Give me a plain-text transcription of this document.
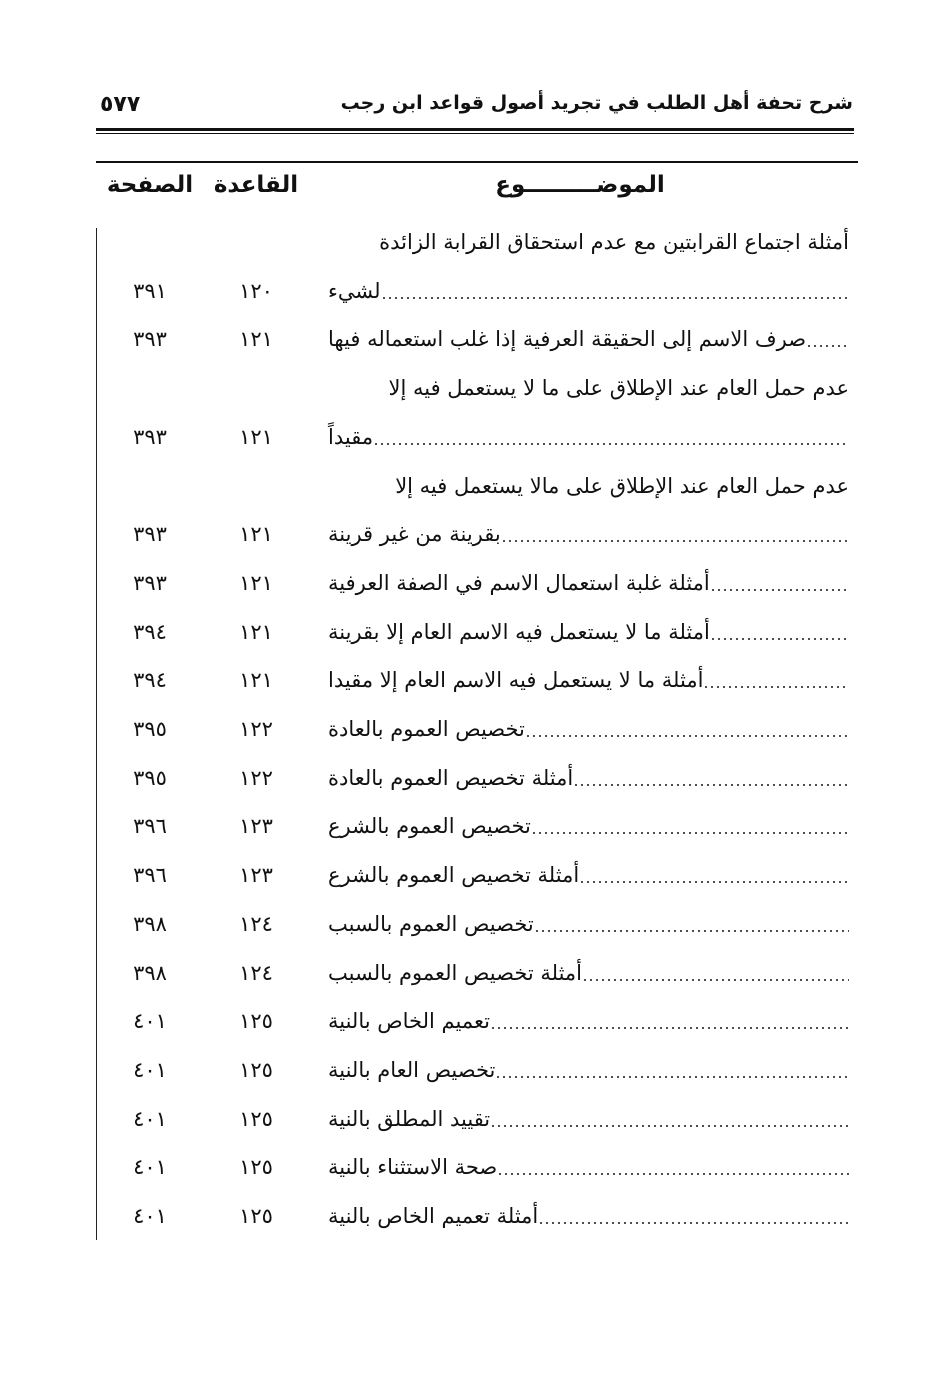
٥٧٧	شرح تحفة أهل الطلب في تجريد أصول قواعد ابن رجب
الصفحة القاعدة	الموضـــــــــوع
أمثلة اجتماع القرابتين مع عدم استحقاق القرابة الزائدة
لشيء
١٢٠
٣٩١
صرف الاسم إلى الحقيقة العرفية إذا غلب استعماله فيها
١٢١
٣٩٣
عدم حمل العام عند الإطلاق على ما لا يستعمل فيه إلا
مقيداً
١٢١
٣٩٣
عدم حمل العام عند الإطلاق على مالا يستعمل فيه إلا
بقرينة من غير قرينة
١٢١
٣٩٣
أمثلة غلبة استعمال الاسم في الصفة العرفية
١٢١
٣٩٣
أمثلة ما لا يستعمل فيه الاسم العام إلا بقرينة
١٢١
٣٩٤
أمثلة ما لا يستعمل فيه الاسم العام إلا مقيدا
١٢١
٣٩٤
تخصيص العموم بالعادة
١٢٢
٣٩٥
أمثلة تخصيص العموم بالعادة
١٢٢
٣٩٥
تخصيص العموم بالشرع
١٢٣
٣٩٦
أمثلة تخصيص العموم بالشرع
١٢٣
٣٩٦
تخصيص العموم بالسبب
١٢٤
٣٩٨
أمثلة تخصيص العموم بالسبب
١٢٤
٣٩٨
تعميم الخاص بالنية
١٢٥
٤٠١
تخصيص العام بالنية
١٢٥
٤٠١
تقييد المطلق بالنية
١٢٥
٤٠١
صحة الاستثناء بالنية
١٢٥
٤٠١
أمثلة تعميم الخاص بالنية
١٢٥
٤٠١
